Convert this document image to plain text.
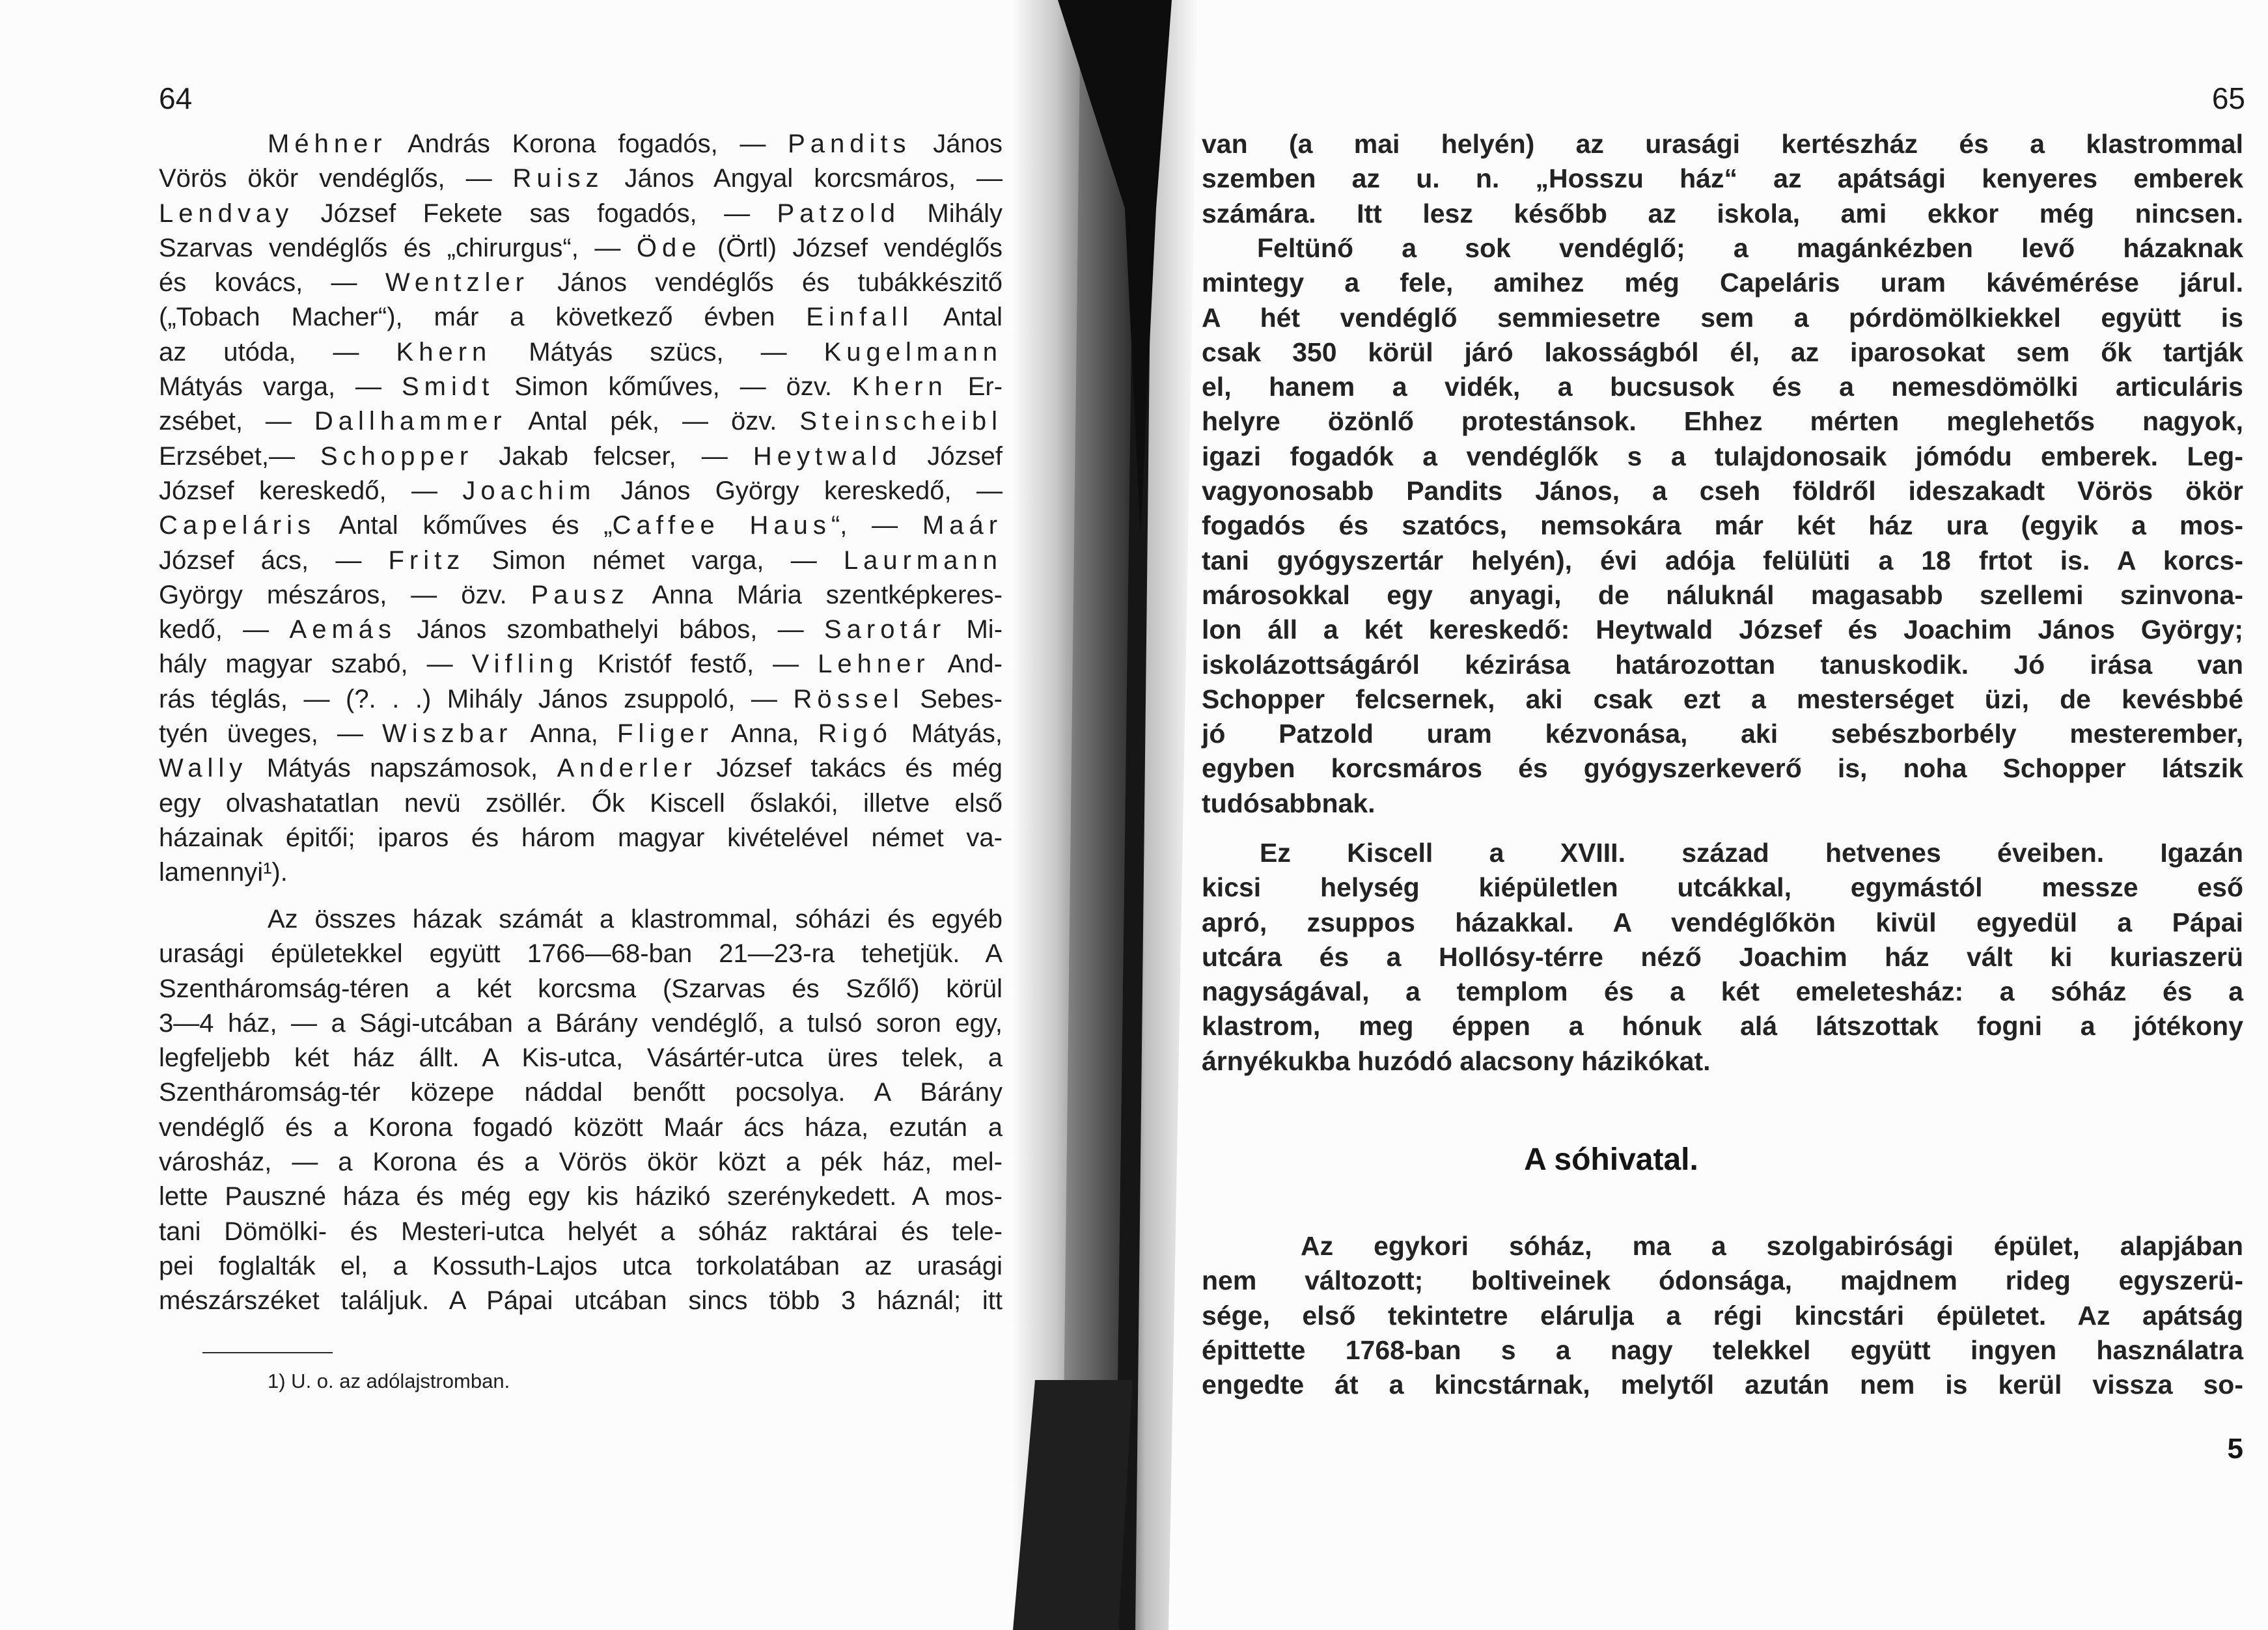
64
Méhner András Korona fogadós, — Pandits János
Vörös ökör vendéglős, — Ruisz János Angyal korcsmáros, —
Lendvay József Fekete sas fogadós, — Patzold Mihály
Szarvas vendéglős és „chirurgus“, — Öde (Örtl) József vendéglős
és kovács, — Wentzler János vendéglős és tubákkészitő
(„Tobach Macher“), már a következő évben Einfall Antal
az utóda, — Khern Mátyás szücs, — Kugelmann
Mátyás varga, — Smidt Simon kőműves, — özv. Khern Er-
zsébet, — Dallhammer Antal pék, — özv. Steinscheibl
Erzsébet,— Schopper Jakab felcser, — Heytwald József
József kereskedő, — Joachim János György kereskedő, —
Capeláris Antal kőműves és „Caffee Haus“, — Maár
József ács, — Fritz Simon német varga, — Laurmann
György mészáros, — özv. Pausz Anna Mária szentképkeres-
kedő, — Aemás János szombathelyi bábos, — Sarotár Mi-
hály magyar szabó, — Vifling Kristóf festő, — Lehner And-
rás téglás, — (?. . .) Mihály János zsuppoló, — Rössel Sebes-
tyén üveges, — Wiszbar Anna, Fliger Anna, Rigó Mátyás,
Wally Mátyás napszámosok, Anderler József takács és még
egy olvashatatlan nevü zsöllér. Ők Kiscell őslakói, illetve első
házainak épitői; iparos és három magyar kivételével német va-
lamennyi¹).
Az összes házak számát a klastrommal, sóházi és egyéb
urasági épületekkel együtt 1766—68-ban 21—23-ra tehetjük. A
Szentháromság-téren a két korcsma (Szarvas és Szőlő) körül
3—4 ház, — a Sági-utcában a Bárány vendéglő, a tulsó soron egy,
legfeljebb két ház állt. A Kis-utca, Vásártér-utca üres telek, a
Szentháromság-tér közepe náddal benőtt pocsolya. A Bárány
vendéglő és a Korona fogadó között Maár ács háza, ezután a
városház, — a Korona és a Vörös ökör közt a pék ház, mel-
lette Pauszné háza és még egy kis házikó szerénykedett. A mos-
tani Dömölki- és Mesteri-utca helyét a sóház raktárai és tele-
pei foglalták el, a Kossuth-Lajos utca torkolatában az urasági
mészárszéket találjuk. A Pápai utcában sincs több 3 háznál; itt
1) U. o. az adólajstromban.
65
van (a mai helyén) az urasági kertészház és a klastrommal
szemben az u. n. „Hosszu ház“ az apátsági kenyeres emberek
számára. Itt lesz később az iskola, ami ekkor még nincsen.
Feltünő a sok vendéglő; a magánkézben levő házaknak
mintegy a fele, amihez még Capeláris uram kávémérése járul.
A hét vendéglő semmiesetre sem a pórdömölkiekkel együtt is
csak 350 körül járó lakosságból él, az iparosokat sem ők tartják
el, hanem a vidék, a bucsusok és a nemesdömölki articuláris
helyre özönlő protestánsok. Ehhez mérten meglehetős nagyok,
igazi fogadók a vendéglők s a tulajdonosaik jómódu emberek. Leg-
vagyonosabb Pandits János, a cseh földről ideszakadt Vörös ökör
fogadós és szatócs, nemsokára már két ház ura (egyik a mos-
tani gyógyszertár helyén), évi adója felülüti a 18 frtot is. A korcs-
márosokkal egy anyagi, de náluknál magasabb szellemi szinvona-
lon áll a két kereskedő: Heytwald József és Joachim János György;
iskolázottságáról kézirása határozottan tanuskodik. Jó irása van
Schopper felcsernek, aki csak ezt a mesterséget üzi, de kevésbbé
jó Patzold uram kézvonása, aki sebészborbély mesterember,
egyben korcsmáros és gyógyszerkeverő is, noha Schopper látszik
tudósabbnak.
Ez Kiscell a XVIII. század hetvenes éveiben. Igazán
kicsi helység kiépületlen utcákkal, egymástól messze eső
apró, zsuppos házakkal. A vendéglőkön kivül egyedül a Pápai
utcára és a Hollósy-térre néző Joachim ház vált ki kuriaszerü
nagyságával, a templom és a két emeletesház: a sóház és a
klastrom, meg éppen a hónuk alá látszottak fogni a jótékony
árnyékukba huzódó alacsony házikókat.
A sóhivatal.
Az egykori sóház, ma a szolgabirósági épület, alapjában
nem változott; boltiveinek ódonsága, majdnem rideg egyszerü-
sége, első tekintetre elárulja a régi kincstári épületet. Az apátság
épittette 1768-ban s a nagy telekkel együtt ingyen használatra
engedte át a kincstárnak, melytől azután nem is kerül vissza so-
5
